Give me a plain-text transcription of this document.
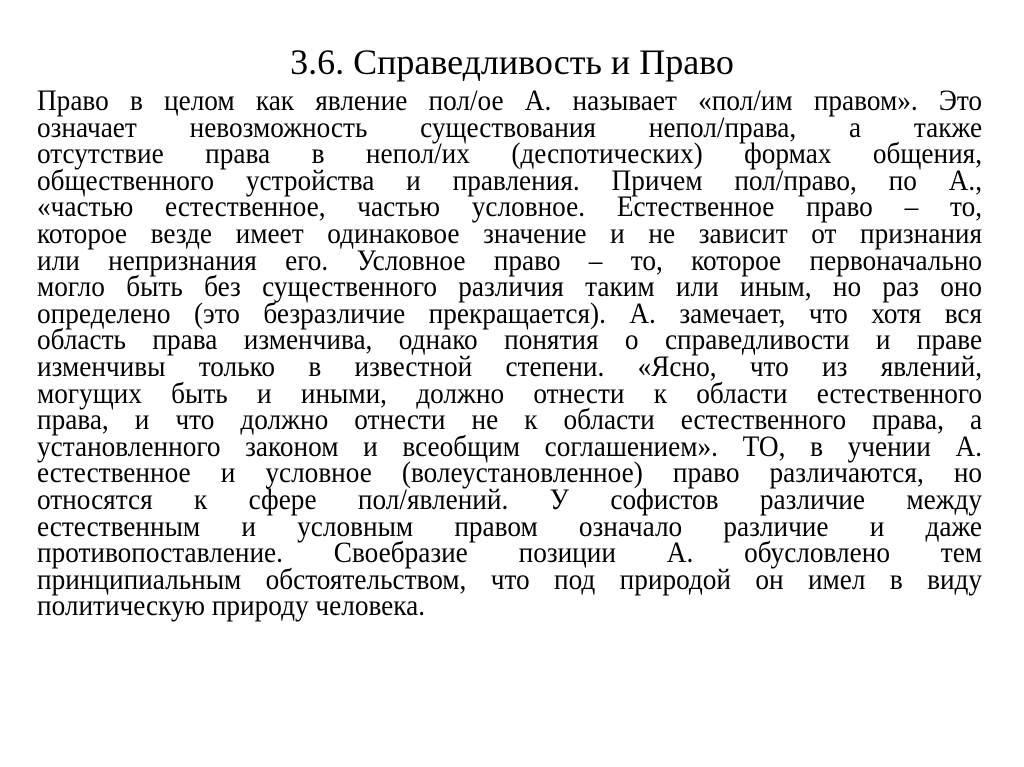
3.6. Справедливость и Право
Право в целом как явление пол/ое А. называет «пол/им правом». Это
означает невозможность существования непол/права, а также
отсутствие права в непол/их (деспотических) формах общения,
общественного устройства и правления. Причем пол/право, по А.,
«частью естественное, частью условное. Естественное право – то,
которое везде имеет одинаковое значение и не зависит от признания
или непризнания его. Условное право – то, которое первоначально
могло быть без существенного различия таким или иным, но раз оно
определено (это безразличие прекращается). А. замечает, что хотя вся
область права изменчива, однако понятия о справедливости и праве
изменчивы только в известной степени. «Ясно, что из явлений,
могущих быть и иными, должно отнести к области естественного
права, и что должно отнести не к области естественного права, а
установленного законом и всеобщим соглашением». ТО, в учении А.
естественное и условное (волеустановленное) право различаются, но
относятся к сфере пол/явлений. У софистов различие между
естественным и условным правом означало различие и даже
противопоставление. Своебразие позиции А. обусловлено тем
принципиальным обстоятельством, что под природой он имел в виду
политическую природу человека.
